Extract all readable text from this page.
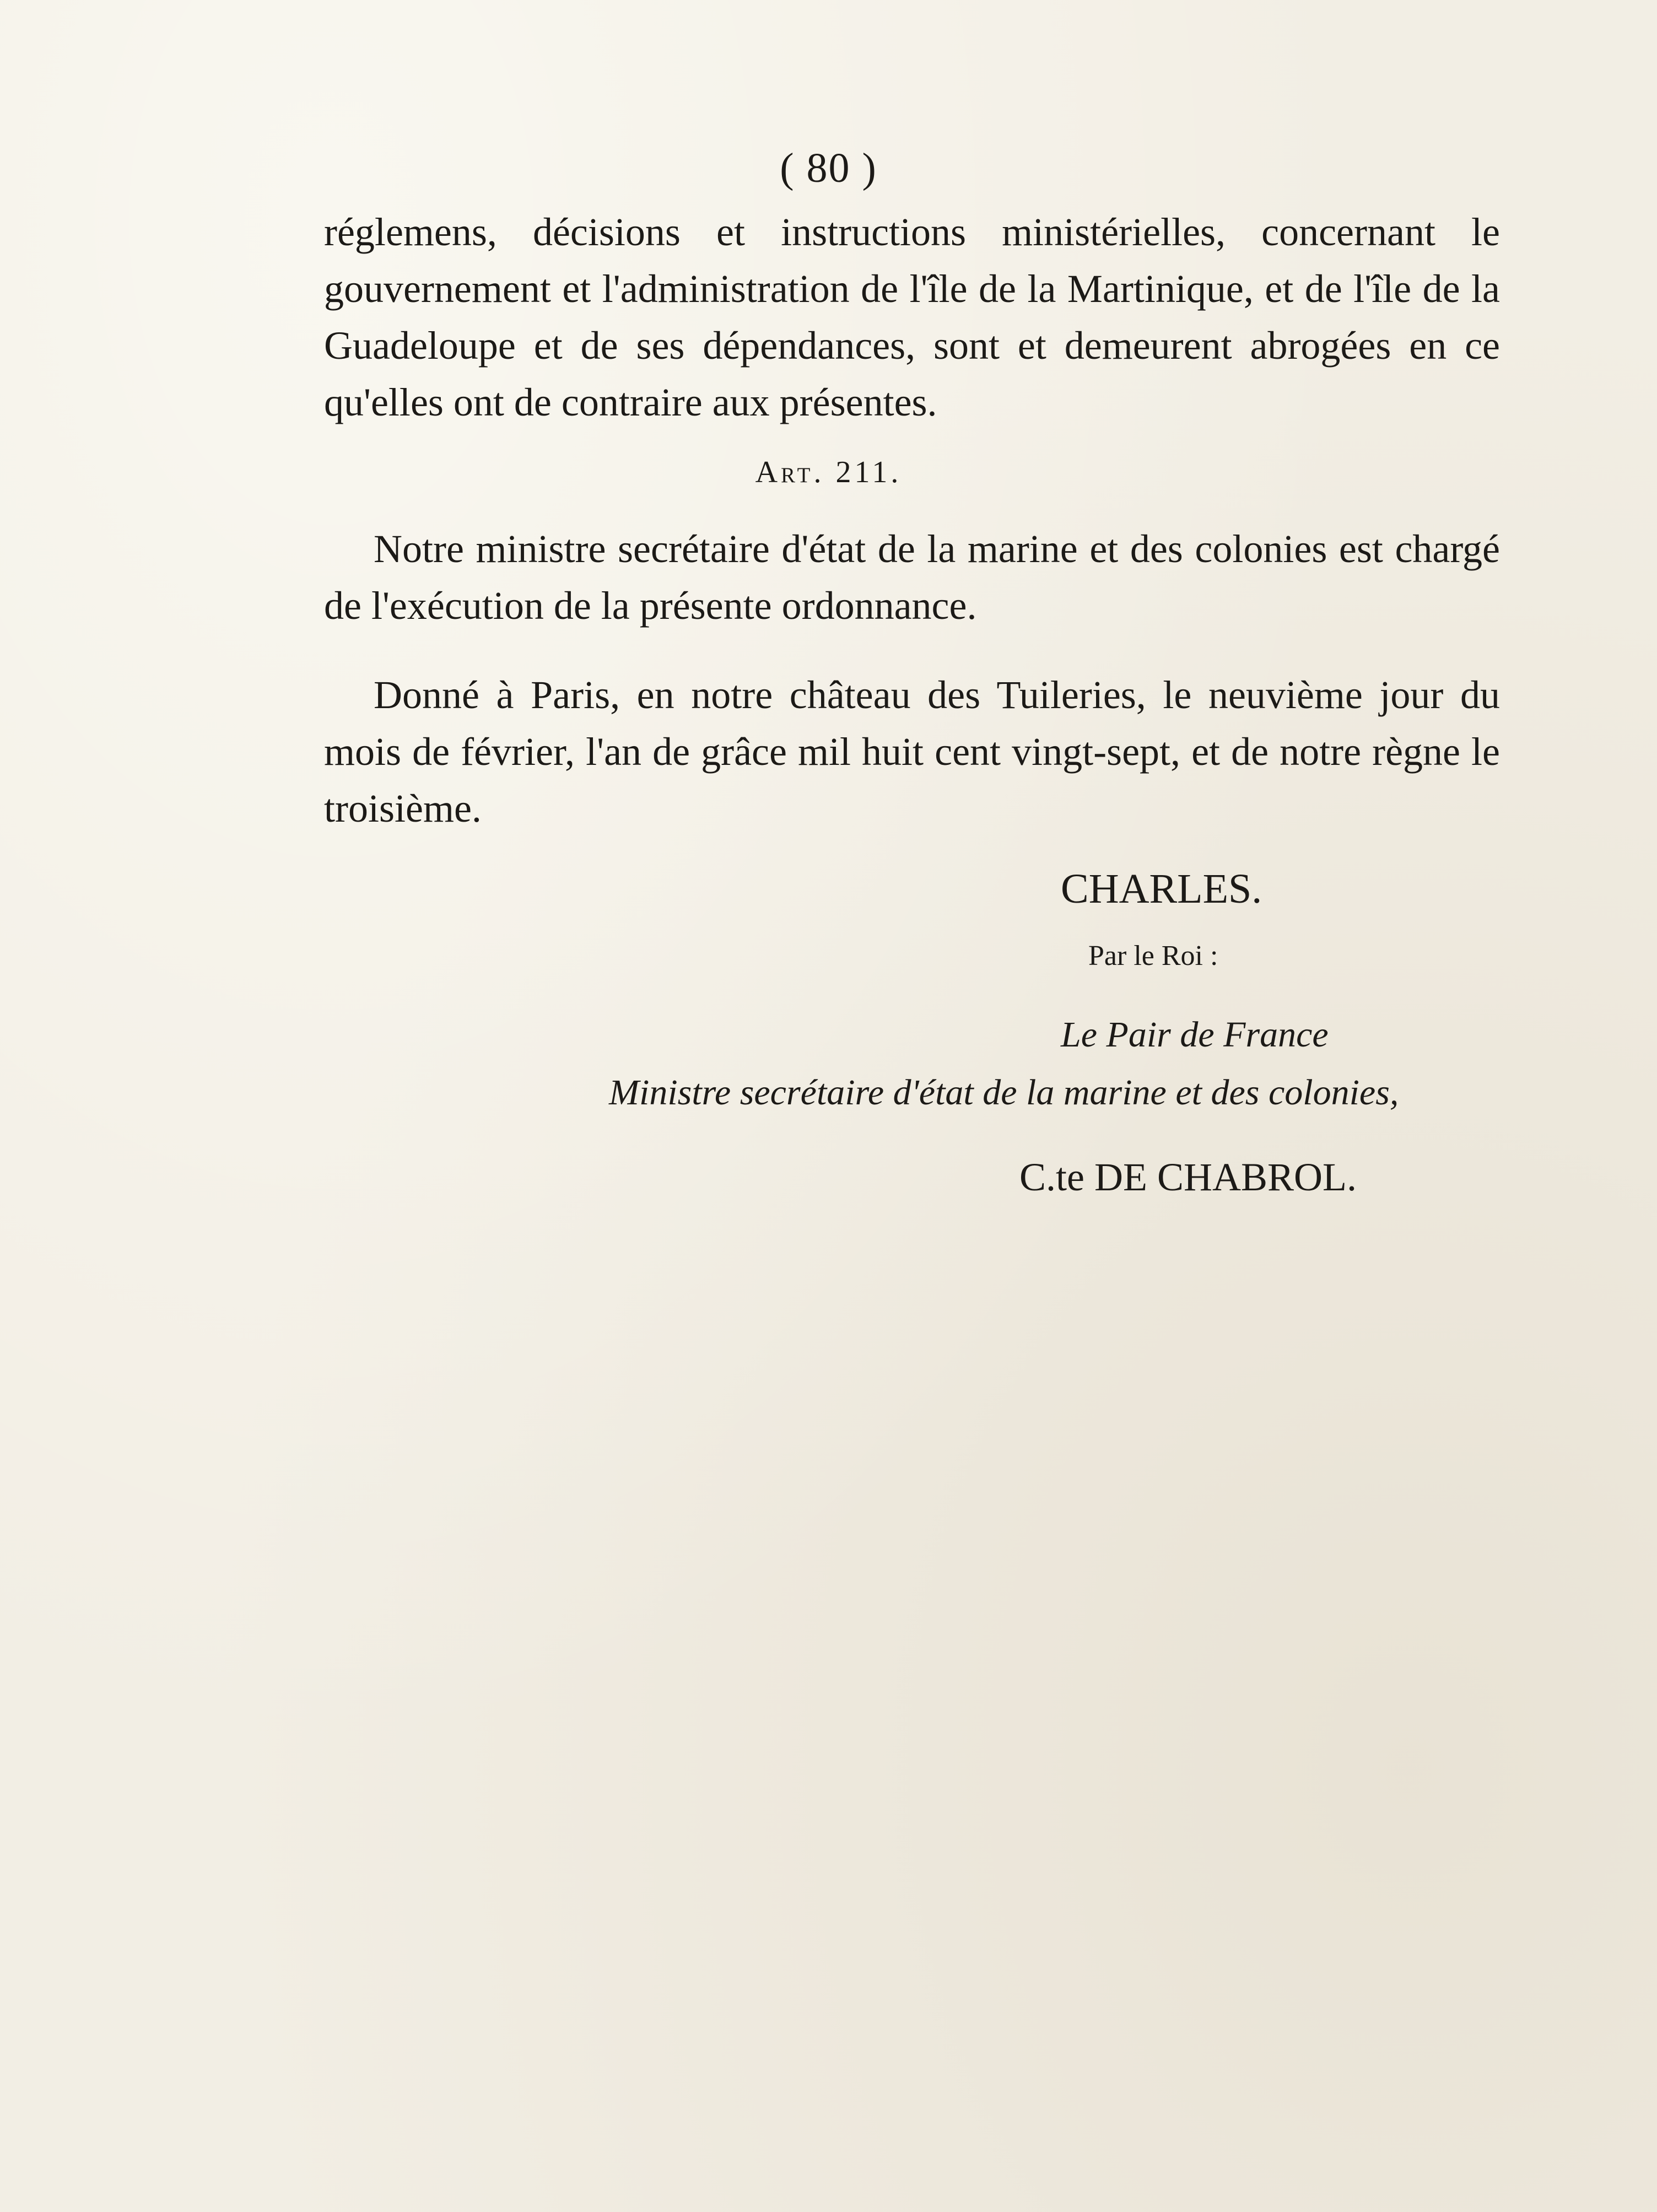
( 80 )

réglemens, décisions et instructions ministérielles, concernant le gouvernement et l'administration de l'île de la Martinique, et de l'île de la Guadeloupe et de ses dépendances, sont et demeurent abrogées en ce qu'elles ont de contraire aux présentes.

Art. 211.

Notre ministre secrétaire d'état de la marine et des colonies est chargé de l'exécution de la présente ordonnance.

Donné à Paris, en notre château des Tuileries, le neuvième jour du mois de février, l'an de grâce mil huit cent vingt-sept, et de notre règne le troisième.

CHARLES.
Par le Roi :
Le Pair de France
Ministre secrétaire d'état de la marine et des colonies,
C.te DE CHABROL.
